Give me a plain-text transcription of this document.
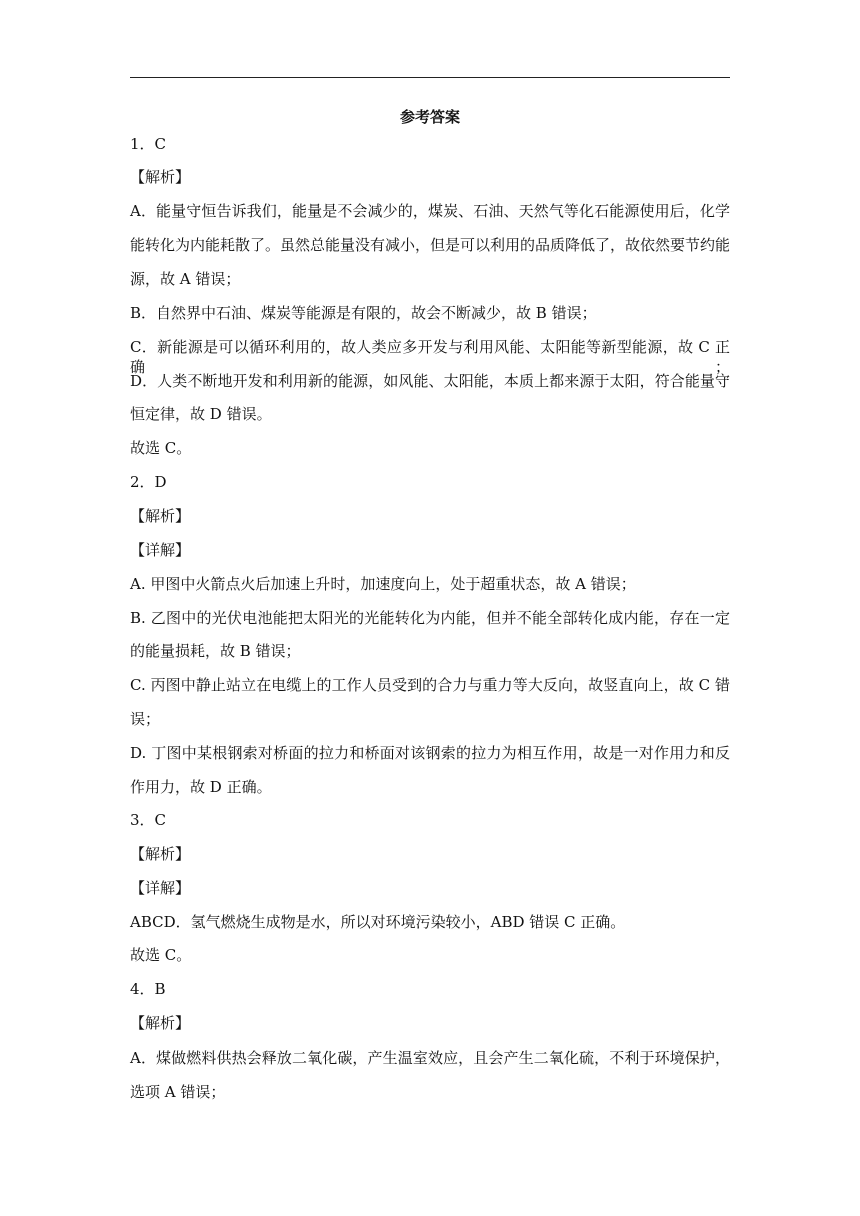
参考答案
1．C
【解析】
A．能量守恒告诉我们，能量是不会减少的，煤炭、石油、天然气等化石能源使用后，化学
能转化为内能耗散了。虽然总能量没有减小，但是可以利用的品质降低了，故依然要节约能
源，故 A 错误；
B．自然界中石油、煤炭等能源是有限的，故会不断减少，故 B 错误；
C．新能源是可以循环利用的，故人类应多开发与利用风能、太阳能等新型能源，故 C 正确；
D．人类不断地开发和利用新的能源，如风能、太阳能，本质上都来源于太阳，符合能量守
恒定律，故 D 错误。
故选 C。
2．D
【解析】
【详解】
A. 甲图中火箭点火后加速上升时，加速度向上，处于超重状态，故 A 错误；
B. 乙图中的光伏电池能把太阳光的光能转化为内能，但并不能全部转化成内能，存在一定
的能量损耗，故 B 错误；
C. 丙图中静止站立在电缆上的工作人员受到的合力与重力等大反向，故竖直向上，故 C 错
误；
D. 丁图中某根钢索对桥面的拉力和桥面对该钢索的拉力为相互作用，故是一对作用力和反
作用力，故 D 正确。
3．C
【解析】
【详解】
ABCD．氢气燃烧生成物是水，所以对环境污染较小，ABD 错误 C 正确。
故选 C。
4．B
【解析】
A．煤做燃料供热会释放二氧化碳，产生温室效应，且会产生二氧化硫，不利于环境保护，
选项 A 错误；
